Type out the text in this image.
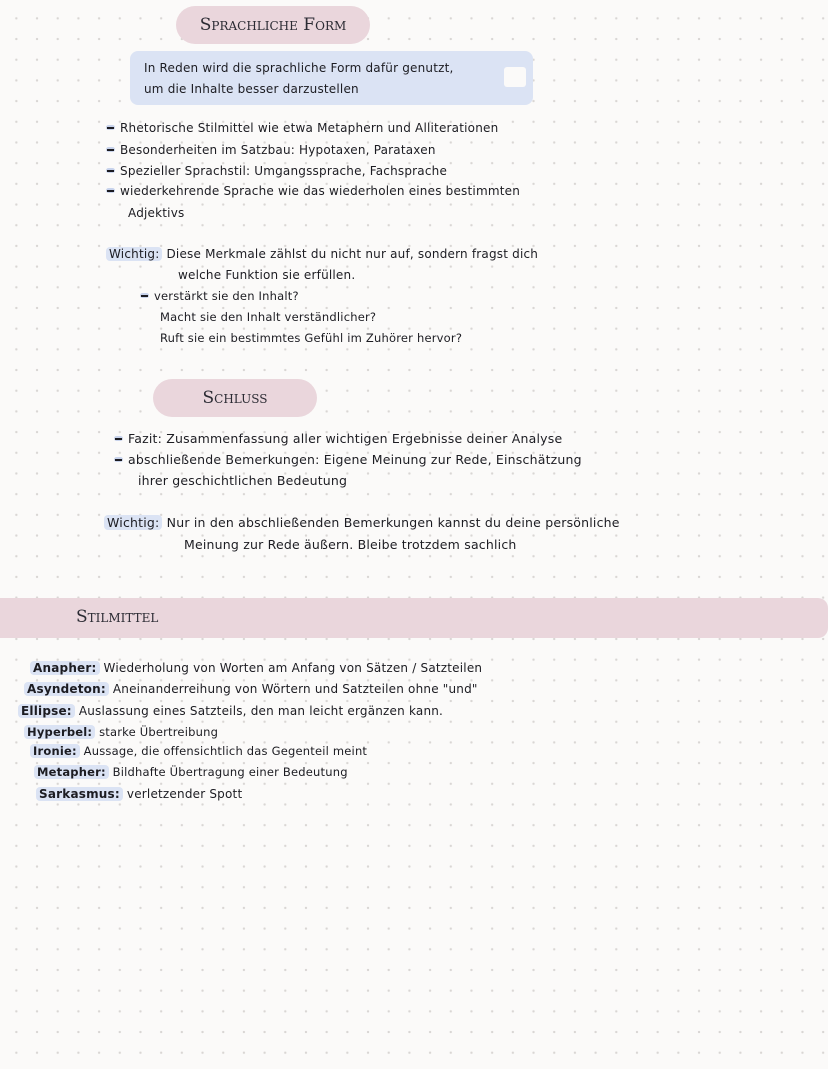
Sprachliche Form
In Reden wird die sprachliche Form dafür genutzt,
um die Inhalte besser darzustellen
Rhetorische Stilmittel wie etwa Metaphern und Alliterationen
Besonderheiten im Satzbau: Hypotaxen, Parataxen
Spezieller Sprachstil: Umgangssprache, Fachsprache
wiederkehrende Sprache wie das wiederholen eines bestimmten
Adjektivs
Wichtig: Diese Merkmale zählst du nicht nur auf, sondern fragst dich
welche Funktion sie erfüllen.
verstärkt sie den Inhalt?
Macht sie den Inhalt verständlicher?
Ruft sie ein bestimmtes Gefühl im Zuhörer hervor?
Schluss
Fazit: Zusammenfassung aller wichtigen Ergebnisse deiner Analyse
abschließende Bemerkungen: Eigene Meinung zur Rede, Einschätzung
ihrer geschichtlichen Bedeutung
Wichtig: Nur in den abschließenden Bemerkungen kannst du deine persönliche
Meinung zur Rede äußern. Bleibe trotzdem sachlich
Stilmittel
Anapher: Wiederholung von Worten am Anfang von Sätzen / Satzteilen
Asyndeton: Aneinanderreihung von Wörtern und Satzteilen ohne "und"
Ellipse: Auslassung eines Satzteils, den man leicht ergänzen kann.
Hyperbel: starke Übertreibung
Ironie: Aussage, die offensichtlich das Gegenteil meint
Metapher: Bildhafte Übertragung einer Bedeutung
Sarkasmus: verletzender Spott
